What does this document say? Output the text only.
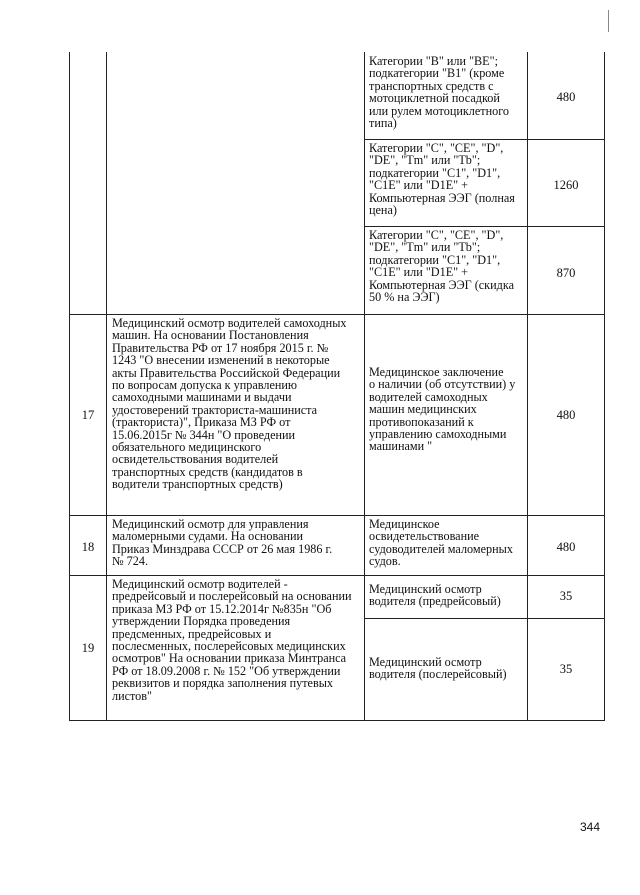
Категории "B" или "BE";
подкатегории "B1" (кроме
транспортных средств с
мотоциклетной посадкой
или рулем мотоциклетного
типа)
480
Категории "C", "CE", "D",
"DE", "Tm" или "Tb";
подкатегории "C1", "D1",
"C1E" или "D1E" +
Компьютерная ЭЭГ (полная
цена)
1260
Категории "C", "CE", "D",
"DE", "Tm" или "Tb";
подкатегории "C1", "D1",
"C1E" или "D1E" +
Компьютерная ЭЭГ (скидка
50 % на ЭЭГ)
870
17
Медицинский осмотр водителей самоходных
машин. На основании Постановления
Правительства РФ от 17 ноября 2015 г. №
1243 "О внесении изменений в некоторые
акты Правительства Российской Федерации
по вопросам допуска к управлению
самоходными машинами и выдачи
удостоверений тракториста-машиниста
(тракториста)", Приказа МЗ РФ от
15.06.2015г № 344н "О проведении
обязательного медицинского
освидетельствования водителей
транспортных средств (кандидатов в
водители транспортных средств)
Медицинское заключение
о наличии (об отсутствии) у
водителей самоходных
машин медицинских
противопоказаний к
управлению самоходными
машинами "
480
18
Медицинский осмотр для управления
маломерными судами. На основании
Приказ Минздрава СССР от 26 мая 1986 г.
№ 724.
Медицинское
освидетельствование
судоводителей маломерных
судов.
480
19
Медицинский осмотр водителей -
предрейсовый и послерейсовый на основании
приказа МЗ РФ от 15.12.2014г №835н "Об
утверждении Порядка проведения
предсменных, предрейсовых и
послесменных, послерейсовых медицинских
осмотров" На основании приказа Минтранса
РФ от 18.09.2008 г. № 152 "Об утверждении
реквизитов и порядка заполнения путевых
листов"
Медицинский осмотр
водителя (предрейсовый)	35
Медицинский осмотр
водителя (послерейсовый)	35
344
